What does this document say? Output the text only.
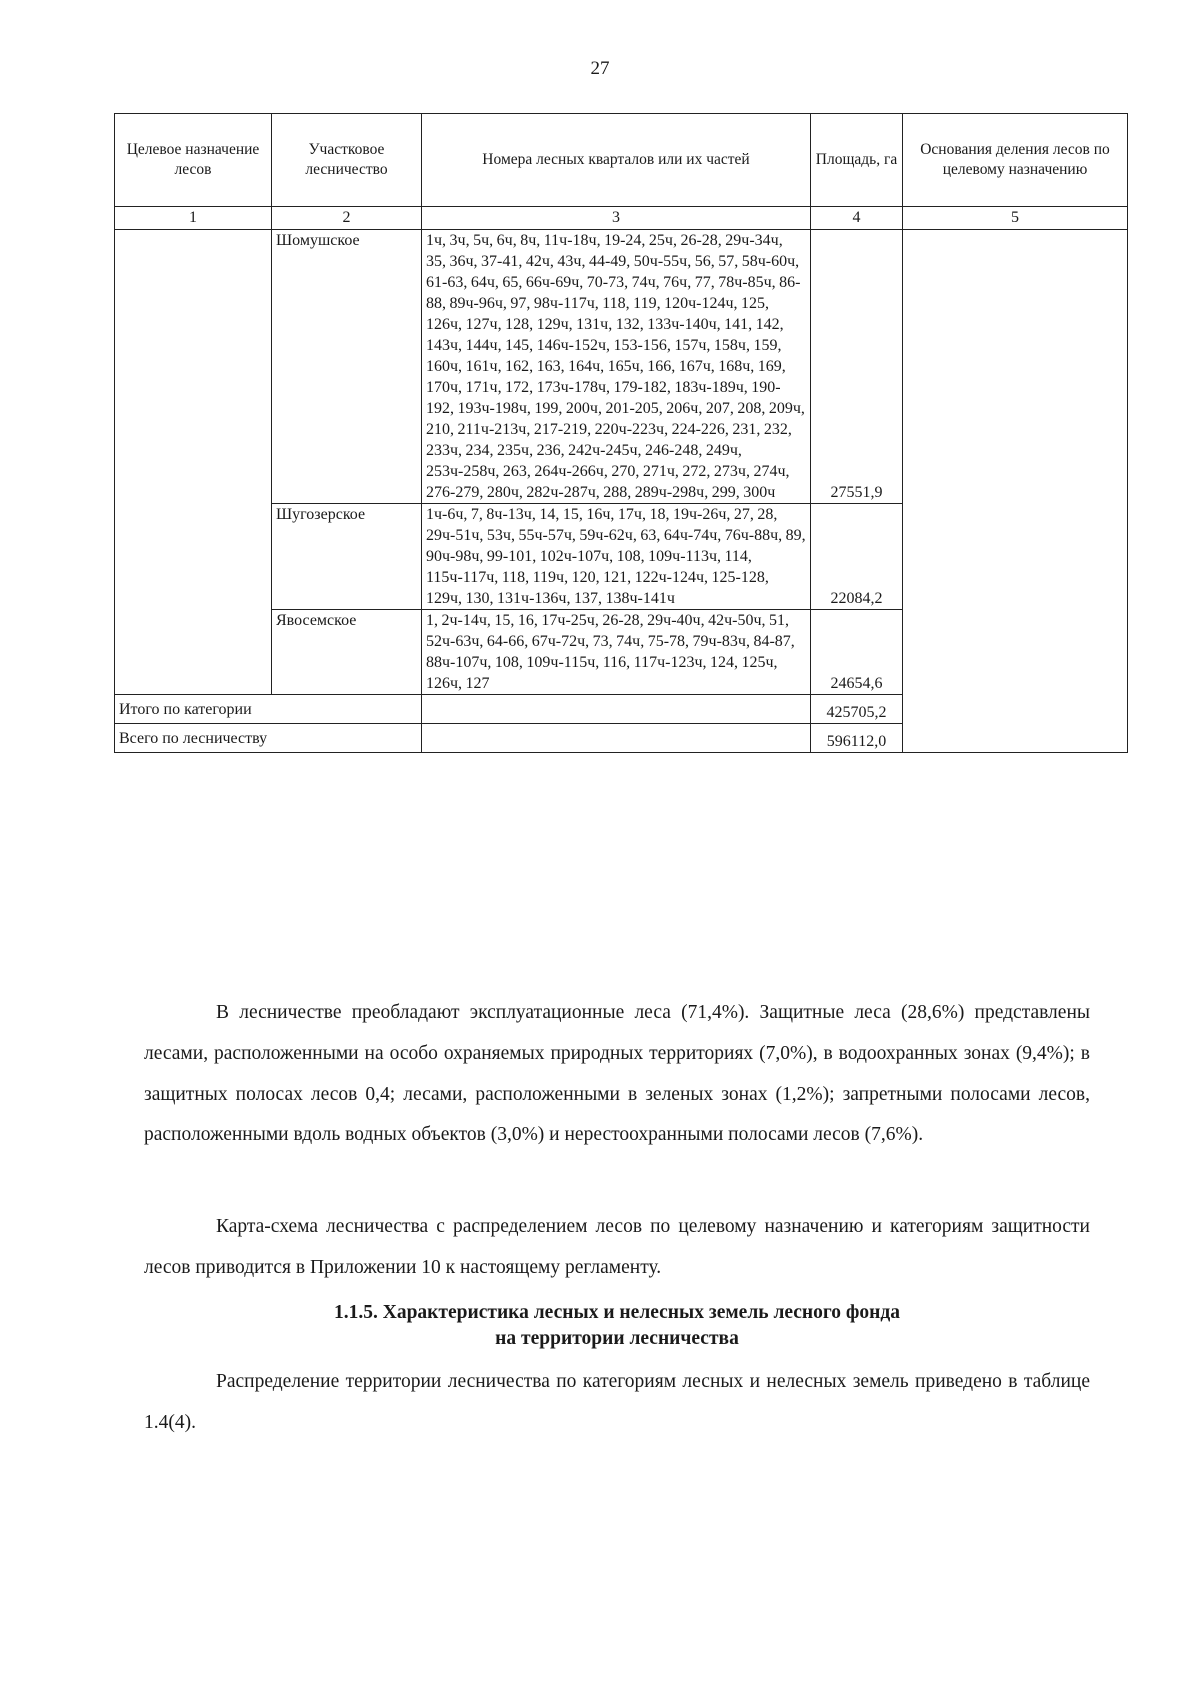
27
Целевое назначение лесов	Участковое лесничество	Номера лесных кварталов или их частей	Площадь, га	Основания деления лесов по целевому назначению
1	2	3	4	5
	Шомушское	1ч, 3ч, 5ч, 6ч, 8ч, 11ч-18ч, 19-24, 25ч, 26-28, 29ч-34ч, 35, 36ч, 37-41, 42ч, 43ч, 44-49, 50ч-55ч, 56, 57, 58ч-60ч, 61-63, 64ч, 65, 66ч-69ч, 70-73, 74ч, 76ч, 77, 78ч-85ч, 86-88, 89ч-96ч, 97, 98ч-117ч, 118, 119, 120ч-124ч, 125, 126ч, 127ч, 128, 129ч, 131ч, 132, 133ч-140ч, 141, 142, 143ч, 144ч, 145, 146ч-152ч, 153-156, 157ч, 158ч, 159, 160ч, 161ч, 162, 163, 164ч, 165ч, 166, 167ч, 168ч, 169, 170ч, 171ч, 172, 173ч-178ч, 179-182, 183ч-189ч, 190-192, 193ч-198ч, 199, 200ч, 201-205, 206ч, 207, 208, 209ч, 210, 211ч-213ч, 217-219, 220ч-223ч, 224-226, 231, 232, 233ч, 234, 235ч, 236, 242ч-245ч, 246-248, 249ч, 253ч-258ч, 263, 264ч-266ч, 270, 271ч, 272, 273ч, 274ч, 276-279, 280ч, 282ч-287ч, 288, 289ч-298ч, 299, 300ч	27551,9	
	Шугозерское	1ч-6ч, 7, 8ч-13ч, 14, 15, 16ч, 17ч, 18, 19ч-26ч, 27, 28, 29ч-51ч, 53ч, 55ч-57ч, 59ч-62ч, 63, 64ч-74ч, 76ч-88ч, 89, 90ч-98ч, 99-101, 102ч-107ч, 108, 109ч-113ч, 114, 115ч-117ч, 118, 119ч, 120, 121, 122ч-124ч, 125-128, 129ч, 130, 131ч-136ч, 137, 138ч-141ч	22084,2	
	Явосемское	1, 2ч-14ч, 15, 16, 17ч-25ч, 26-28, 29ч-40ч, 42ч-50ч, 51, 52ч-63ч, 64-66, 67ч-72ч, 73, 74ч, 75-78, 79ч-83ч, 84-87, 88ч-107ч, 108, 109ч-115ч, 116, 117ч-123ч, 124, 125ч, 126ч, 127	24654,6	
Итого по категории			425705,2	
Всего по лесничеству			596112,0	

В лесничестве преобладают эксплуатационные леса (71,4%). Защитные леса (28,6%) представлены лесами, расположенными на особо охраняемых природных территориях (7,0%), в водоохранных зонах (9,4%); в защитных полосах лесов 0,4; лесами, расположенными в зеленых зонах (1,2%); запретными полосами лесов, расположенными вдоль водных объектов (3,0%) и нерестоохранными полосами лесов (7,6%).

Карта-схема лесничества с распределением лесов по целевому назначению и категориям защитности лесов приводится в Приложении 10 к настоящему регламенту.

1.1.5. Характеристика лесных и нелесных земель лесного фонда
на территории лесничества

Распределение территории лесничества по категориям лесных и нелесных земель приведено в таблице 1.4(4).
